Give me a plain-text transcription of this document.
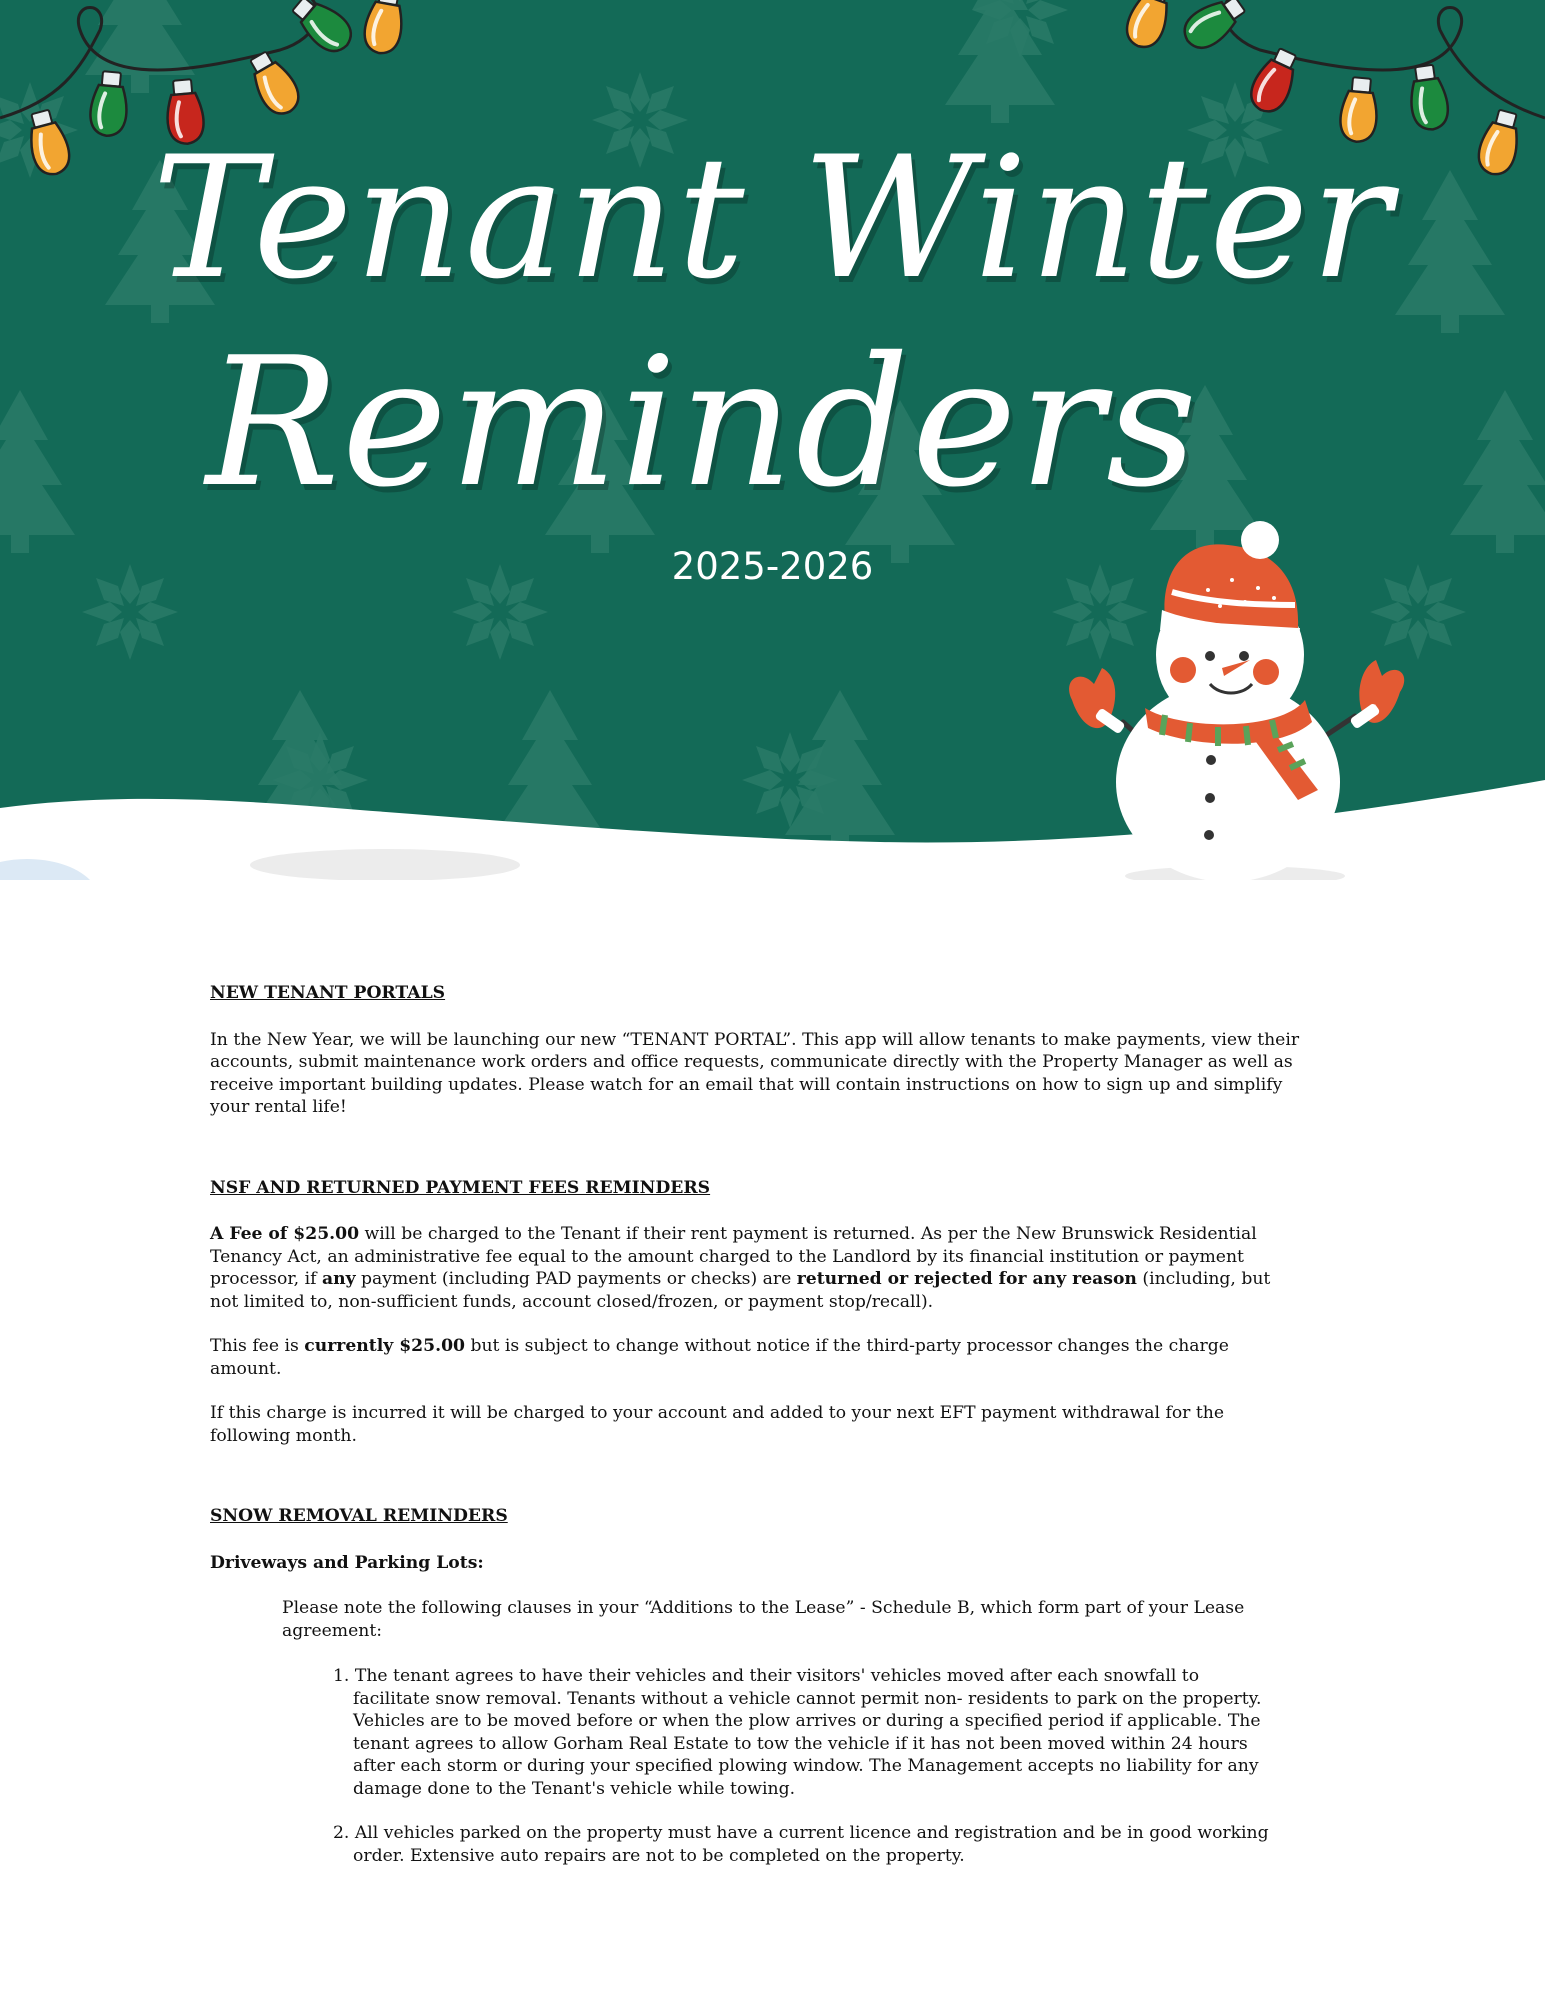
Tenant Winter
Reminders
2025-2026
NEW TENANT PORTALS

In the New Year, we will be launching our new “TENANT PORTAL”. This app will allow tenants to make payments, view their accounts, submit maintenance work orders and office requests, communicate directly with the Property Manager as well as receive important building updates. Please watch for an email that will contain instructions on how to sign up and simplify your rental life!

NSF AND RETURNED PAYMENT FEES REMINDERS

A Fee of $25.00 will be charged to the Tenant if their rent payment is returned. As per the New Brunswick Residential Tenancy Act, an administrative fee equal to the amount charged to the Landlord by its financial institution or payment processor, if any payment (including PAD payments or checks) are returned or rejected for any reason (including, but not limited to, non-sufficient funds, account closed/frozen, or payment stop/recall).

This fee is currently $25.00 but is subject to change without notice if the third-party processor changes the charge amount.

If this charge is incurred it will be charged to your account and added to your next EFT payment withdrawal for the following month.

SNOW REMOVAL REMINDERS

Driveways and Parking Lots:

Please note the following clauses in your “Additions to the Lease” - Schedule B, which form part of your Lease agreement:

1. The tenant agrees to have their vehicles and their visitors' vehicles moved after each snowfall to facilitate snow removal. Tenants without a vehicle cannot permit non- residents to park on the property. Vehicles are to be moved before or when the plow arrives or during a specified period if applicable. The tenant agrees to allow Gorham Real Estate to tow the vehicle if it has not been moved within 24 hours after each storm or during your specified plowing window. The Management accepts no liability for any damage done to the Tenant's vehicle while towing.
2. All vehicles parked on the property must have a current licence and registration and be in good working order. Extensive auto repairs are not to be completed on the property.
